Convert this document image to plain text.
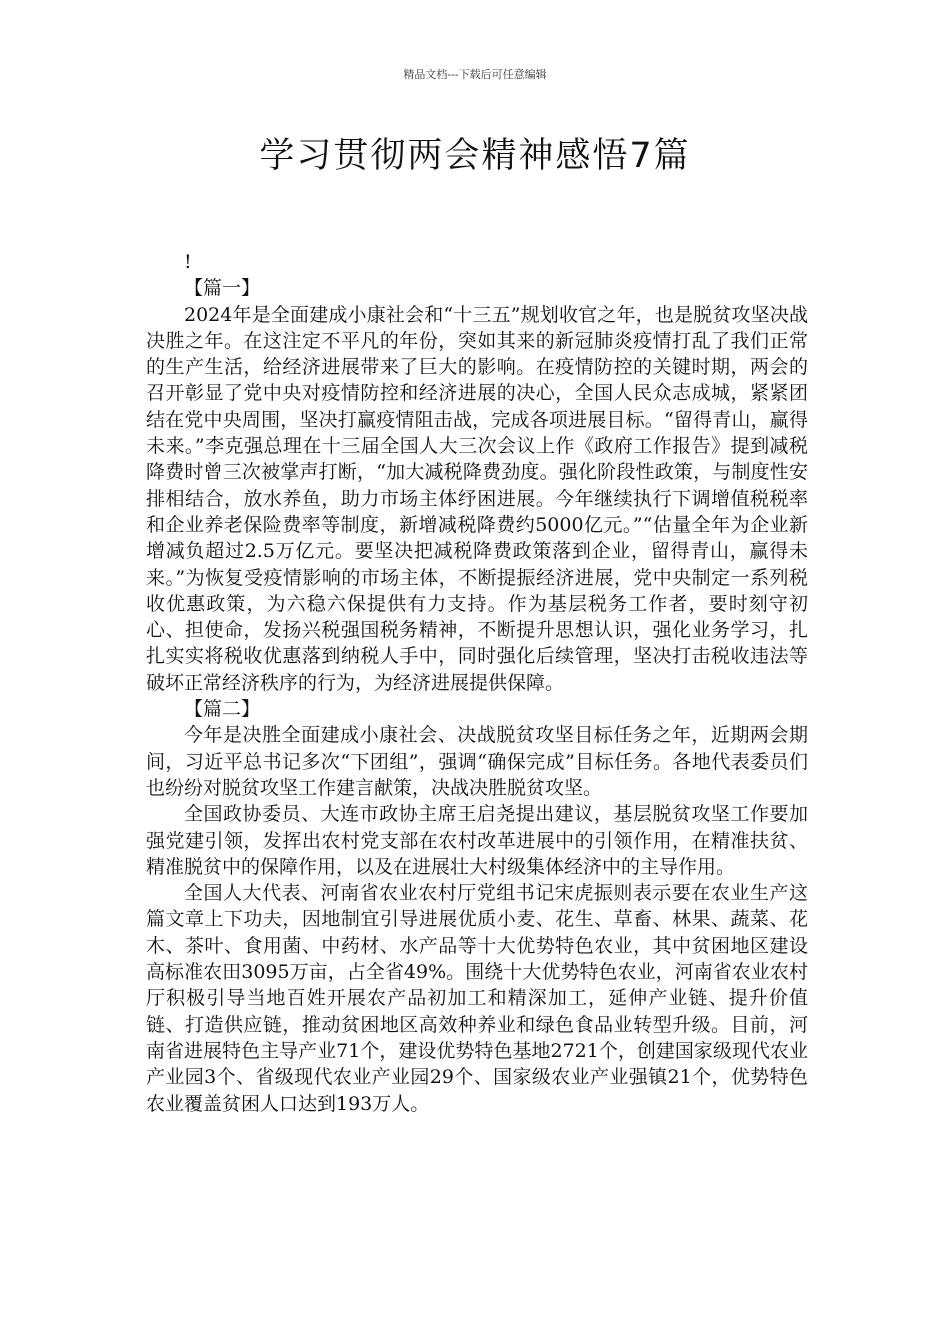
精品文档---下载后可任意编辑
学习贯彻两会精神感悟7篇

!

【篇一】

2024年是全面建成小康社会和“十三五”规划收官之年，也是脱贫攻坚决战决胜之年。在这注定不平凡的年份，突如其来的新冠肺炎疫情打乱了我们正常的生产生活，给经济进展带来了巨大的影响。在疫情防控的关键时期，两会的召开彰显了党中央对疫情防控和经济进展的决心，全国人民众志成城，紧紧团结在党中央周围，坚决打赢疫情阻击战，完成各项进展目标。“留得青山，赢得未来。”李克强总理在十三届全国人大三次会议上作《政府工作报告》提到减税降费时曾三次被掌声打断，“加大减税降费劲度。强化阶段性政策，与制度性安排相结合，放水养鱼，助力市场主体纾困进展。今年继续执行下调增值税税率和企业养老保险费率等制度，新增减税降费约5000亿元。”“估量全年为企业新增减负超过2.5万亿元。要坚决把减税降费政策落到企业，留得青山，赢得未来。”为恢复受疫情影响的市场主体，不断提振经济进展，党中央制定一系列税收优惠政策，为六稳六保提供有力支持。作为基层税务工作者，要时刻守初心、担使命，发扬兴税强国税务精神，不断提升思想认识，强化业务学习，扎扎实实将税收优惠落到纳税人手中，同时强化后续管理，坚决打击税收违法等破坏正常经济秩序的行为，为经济进展提供保障。

【篇二】

今年是决胜全面建成小康社会、决战脱贫攻坚目标任务之年，近期两会期间，习近平总书记多次“下团组”，强调“确保完成”目标任务。各地代表委员们也纷纷对脱贫攻坚工作建言献策，决战决胜脱贫攻坚。

全国政协委员、大连市政协主席王启尧提出建议，基层脱贫攻坚工作要加强党建引领，发挥出农村党支部在农村改革进展中的引领作用，在精准扶贫、精准脱贫中的保障作用，以及在进展壮大村级集体经济中的主导作用。

全国人大代表、河南省农业农村厅党组书记宋虎振则表示要在农业生产这篇文章上下功夫，因地制宜引导进展优质小麦、花生、草畜、林果、蔬菜、花木、茶叶、食用菌、中药材、水产品等十大优势特色农业，其中贫困地区建设高标准农田3095万亩，占全省49%。围绕十大优势特色农业，河南省农业农村厅积极引导当地百姓开展农产品初加工和精深加工，延伸产业链、提升价值链、打造供应链，推动贫困地区高效种养业和绿色食品业转型升级。目前，河南省进展特色主导产业71个，建设优势特色基地2721个，创建国家级现代农业产业园3个、省级现代农业产业园29个、国家级农业产业强镇21个，优势特色农业覆盖贫困人口达到193万人。
